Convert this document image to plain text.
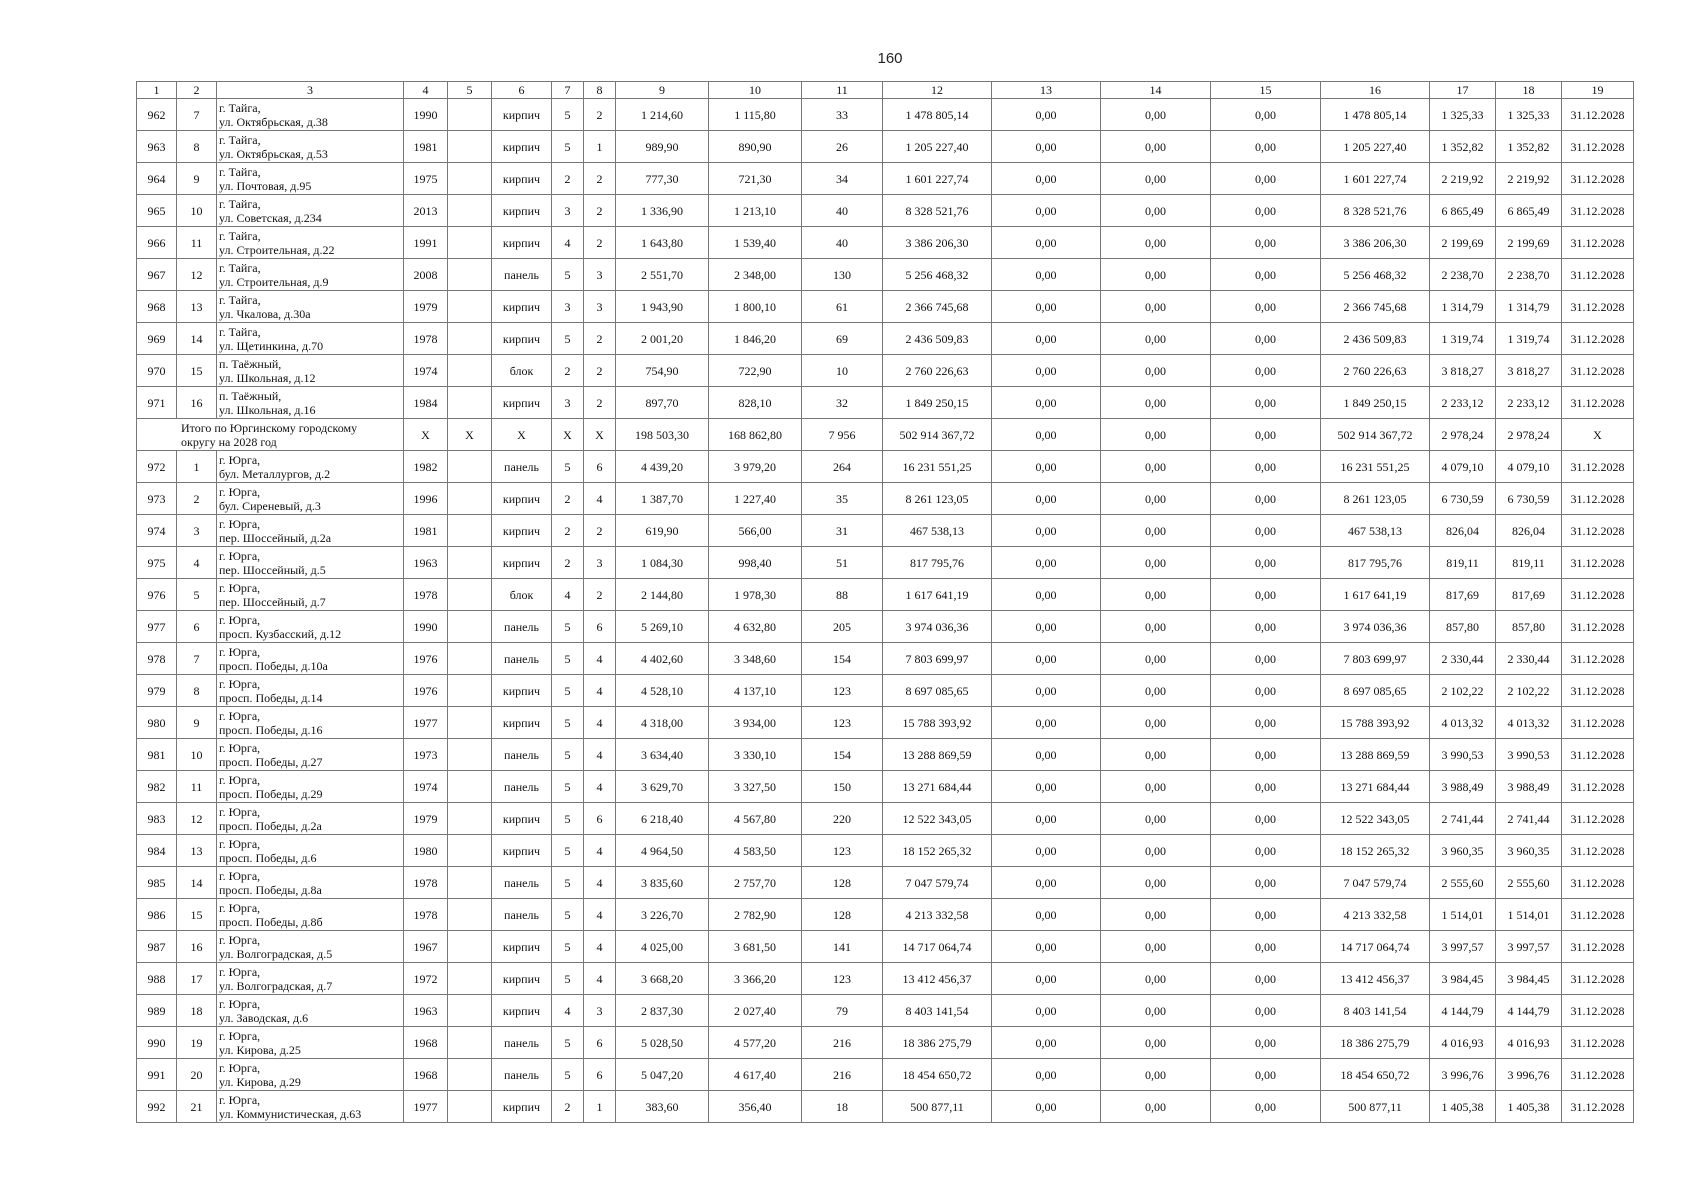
160
1	2	3	4	5	6	7	8	9	10	11	12	13	14	15	16	17	18	19
962	7	г. Тайга,
ул. Октябрьская, д.38	1990		кирпич	5	2	1 214,60	1 115,80	33	1 478 805,14	0,00	0,00	0,00	1 478 805,14	1 325,33	1 325,33	31.12.2028
963	8	г. Тайга,
ул. Октябрьская, д.53	1981		кирпич	5	1	989,90	890,90	26	1 205 227,40	0,00	0,00	0,00	1 205 227,40	1 352,82	1 352,82	31.12.2028
964	9	г. Тайга,
ул. Почтовая, д.95	1975		кирпич	2	2	777,30	721,30	34	1 601 227,74	0,00	0,00	0,00	1 601 227,74	2 219,92	2 219,92	31.12.2028
965	10	г. Тайга,
ул. Советская, д.234	2013		кирпич	3	2	1 336,90	1 213,10	40	8 328 521,76	0,00	0,00	0,00	8 328 521,76	6 865,49	6 865,49	31.12.2028
966	11	г. Тайга,
ул. Строительная, д.22	1991		кирпич	4	2	1 643,80	1 539,40	40	3 386 206,30	0,00	0,00	0,00	3 386 206,30	2 199,69	2 199,69	31.12.2028
967	12	г. Тайга,
ул. Строительная, д.9	2008		панель	5	3	2 551,70	2 348,00	130	5 256 468,32	0,00	0,00	0,00	5 256 468,32	2 238,70	2 238,70	31.12.2028
968	13	г. Тайга,
ул. Чкалова, д.30а	1979		кирпич	3	3	1 943,90	1 800,10	61	2 366 745,68	0,00	0,00	0,00	2 366 745,68	1 314,79	1 314,79	31.12.2028
969	14	г. Тайга,
ул. Щетинкина, д.70	1978		кирпич	5	2	2 001,20	1 846,20	69	2 436 509,83	0,00	0,00	0,00	2 436 509,83	1 319,74	1 319,74	31.12.2028
970	15	п. Таёжный,
ул. Школьная, д.12	1974		блок	2	2	754,90	722,90	10	2 760 226,63	0,00	0,00	0,00	2 760 226,63	3 818,27	3 818,27	31.12.2028
971	16	п. Таёжный,
ул. Школьная, д.16	1984		кирпич	3	2	897,70	828,10	32	1 849 250,15	0,00	0,00	0,00	1 849 250,15	2 233,12	2 233,12	31.12.2028

Итого по Юргинскому городскому
округу на 2028 год			X	X	X	X	X	198 503,30	168 862,80	7 956	502 914 367,72	0,00	0,00	0,00	502 914 367,72	2 978,24	2 978,24	X
972	1	г. Юрга,
бул. Металлургов, д.2	1982		панель	5	6	4 439,20	3 979,20	264	16 231 551,25	0,00	0,00	0,00	16 231 551,25	4 079,10	4 079,10	31.12.2028
973	2	г. Юрга,
бул. Сиреневый, д.3	1996		кирпич	2	4	1 387,70	1 227,40	35	8 261 123,05	0,00	0,00	0,00	8 261 123,05	6 730,59	6 730,59	31.12.2028
974	3	г. Юрга,
пер. Шоссейный, д.2а	1981		кирпич	2	2	619,90	566,00	31	467 538,13	0,00	0,00	0,00	467 538,13	826,04	826,04	31.12.2028
975	4	г. Юрга,
пер. Шоссейный, д.5	1963		кирпич	2	3	1 084,30	998,40	51	817 795,76	0,00	0,00	0,00	817 795,76	819,11	819,11	31.12.2028
976	5	г. Юрга,
пер. Шоссейный, д.7	1978		блок	4	2	2 144,80	1 978,30	88	1 617 641,19	0,00	0,00	0,00	1 617 641,19	817,69	817,69	31.12.2028
977	6	г. Юрга,
просп. Кузбасский, д.12	1990		панель	5	6	5 269,10	4 632,80	205	3 974 036,36	0,00	0,00	0,00	3 974 036,36	857,80	857,80	31.12.2028
978	7	г. Юрга,
просп. Победы, д.10а	1976		панель	5	4	4 402,60	3 348,60	154	7 803 699,97	0,00	0,00	0,00	7 803 699,97	2 330,44	2 330,44	31.12.2028
979	8	г. Юрга,
просп. Победы, д.14	1976		кирпич	5	4	4 528,10	4 137,10	123	8 697 085,65	0,00	0,00	0,00	8 697 085,65	2 102,22	2 102,22	31.12.2028
980	9	г. Юрга,
просп. Победы, д.16	1977		кирпич	5	4	4 318,00	3 934,00	123	15 788 393,92	0,00	0,00	0,00	15 788 393,92	4 013,32	4 013,32	31.12.2028
981	10	г. Юрга,
просп. Победы, д.27	1973		панель	5	4	3 634,40	3 330,10	154	13 288 869,59	0,00	0,00	0,00	13 288 869,59	3 990,53	3 990,53	31.12.2028
982	11	г. Юрга,
просп. Победы, д.29	1974		панель	5	4	3 629,70	3 327,50	150	13 271 684,44	0,00	0,00	0,00	13 271 684,44	3 988,49	3 988,49	31.12.2028
983	12	г. Юрга,
просп. Победы, д.2а	1979		кирпич	5	6	6 218,40	4 567,80	220	12 522 343,05	0,00	0,00	0,00	12 522 343,05	2 741,44	2 741,44	31.12.2028
984	13	г. Юрга,
просп. Победы, д.6	1980		кирпич	5	4	4 964,50	4 583,50	123	18 152 265,32	0,00	0,00	0,00	18 152 265,32	3 960,35	3 960,35	31.12.2028
985	14	г. Юрга,
просп. Победы, д.8а	1978		панель	5	4	3 835,60	2 757,70	128	7 047 579,74	0,00	0,00	0,00	7 047 579,74	2 555,60	2 555,60	31.12.2028
986	15	г. Юрга,
просп. Победы, д.8б	1978		панель	5	4	3 226,70	2 782,90	128	4 213 332,58	0,00	0,00	0,00	4 213 332,58	1 514,01	1 514,01	31.12.2028
987	16	г. Юрга,
ул. Волгоградская, д.5	1967		кирпич	5	4	4 025,00	3 681,50	141	14 717 064,74	0,00	0,00	0,00	14 717 064,74	3 997,57	3 997,57	31.12.2028
988	17	г. Юрга,
ул. Волгоградская, д.7	1972		кирпич	5	4	3 668,20	3 366,20	123	13 412 456,37	0,00	0,00	0,00	13 412 456,37	3 984,45	3 984,45	31.12.2028
989	18	г. Юрга,
ул. Заводская, д.6	1963		кирпич	4	3	2 837,30	2 027,40	79	8 403 141,54	0,00	0,00	0,00	8 403 141,54	4 144,79	4 144,79	31.12.2028
990	19	г. Юрга,
ул. Кирова, д.25	1968		панель	5	6	5 028,50	4 577,20	216	18 386 275,79	0,00	0,00	0,00	18 386 275,79	4 016,93	4 016,93	31.12.2028
991	20	г. Юрга,
ул. Кирова, д.29	1968		панель	5	6	5 047,20	4 617,40	216	18 454 650,72	0,00	0,00	0,00	18 454 650,72	3 996,76	3 996,76	31.12.2028
992	21	г. Юрга,
ул. Коммунистическая, д.63	1977		кирпич	2	1	383,60	356,40	18	500 877,11	0,00	0,00	0,00	500 877,11	1 405,38	1 405,38	31.12.2028
